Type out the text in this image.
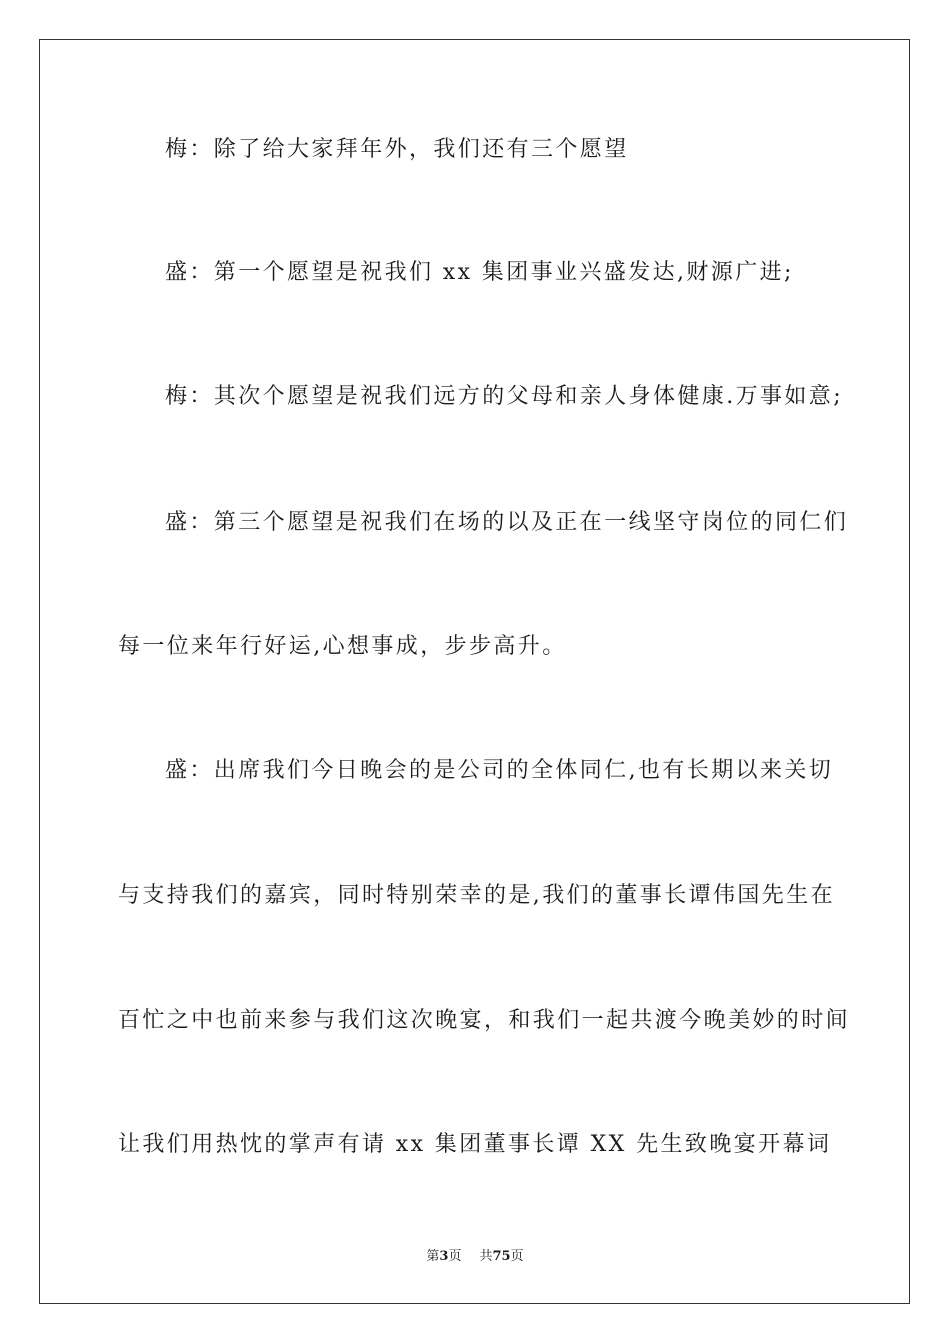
梅：除了给大家拜年外，我们还有三个愿望
盛：第一个愿望是祝我们 xx 集团事业兴盛发达,财源广进;
梅：其次个愿望是祝我们远方的父母和亲人身体健康.万事如意;
盛：第三个愿望是祝我们在场的以及正在一线坚守岗位的同仁们
每一位来年行好运,心想事成，步步高升。
盛：出席我们今日晚会的是公司的全体同仁,也有长期以来关切
与支持我们的嘉宾，同时特别荣幸的是,我们的董事长谭伟国先生在
百忙之中也前来参与我们这次晚宴，和我们一起共渡今晚美妙的时间
让我们用热忱的掌声有请 xx 集团董事长谭 XX 先生致晚宴开幕词
第3页 共75页
